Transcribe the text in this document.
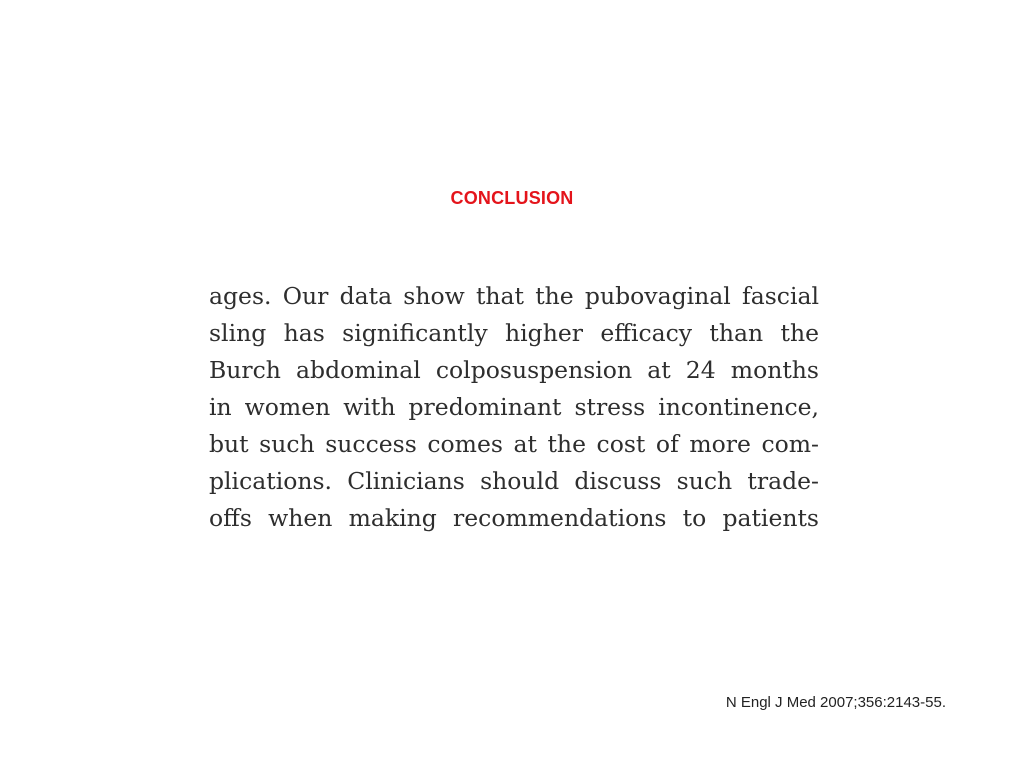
CONCLUSION
ages. Our data show that the pubovaginal fascial
sling has significantly higher efficacy than the
Burch abdominal colposuspension at 24 months
in women with predominant stress incontinence,
but such success comes at the cost of more com-
plications. Clinicians should discuss such trade-
offs when making recommendations to patients
N Engl J Med 2007;356:2143-55.
